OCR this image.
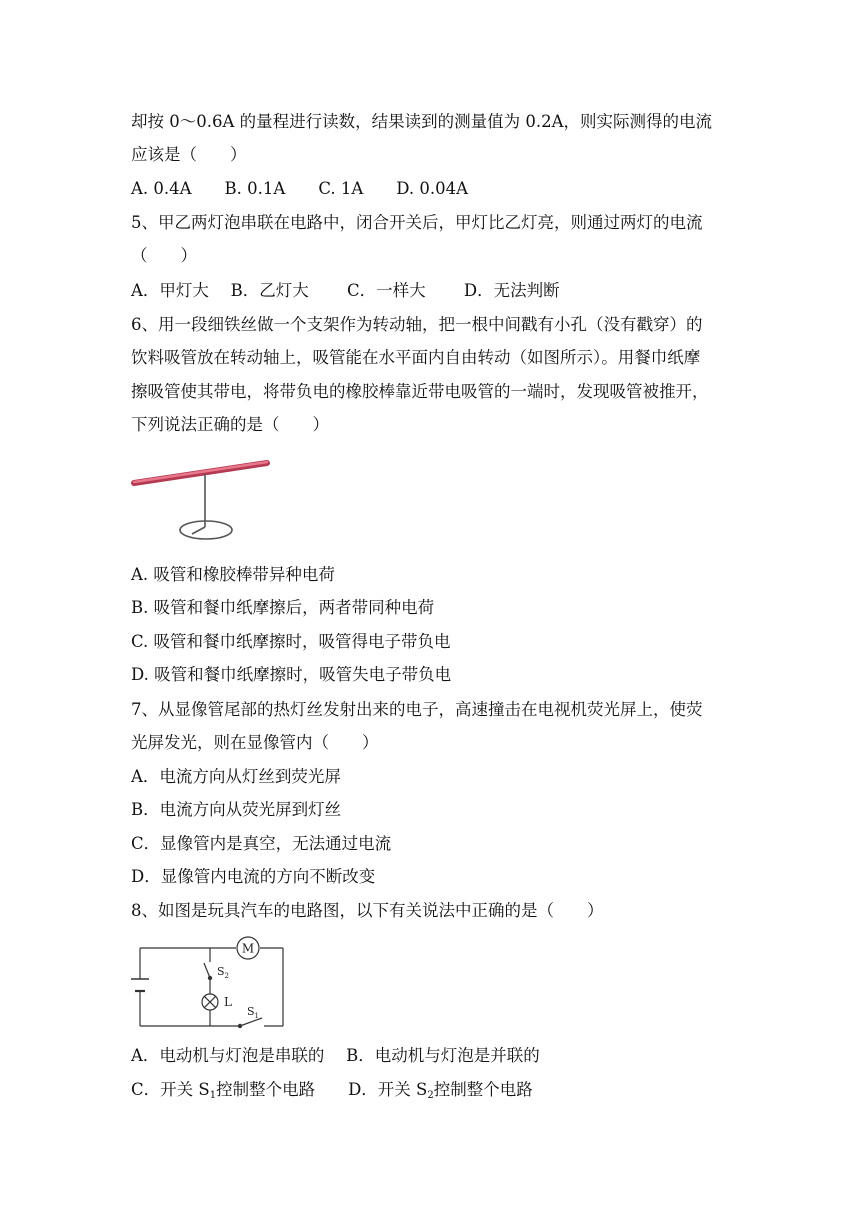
却按 0～0.6A 的量程进行读数，结果读到的测量值为 0.2A，则实际测得的电流
应该是（　　）
A. 0.4A　　B. 0.1A　　C. 1A　　D. 0.04A
5、甲乙两灯泡串联在电路中，闭合开关后，甲灯比乙灯亮，则通过两灯的电流
（　　）
A．甲灯大　 B．乙灯大　　 C．一样大　　 D．无法判断
6、用一段细铁丝做一个支架作为转动轴，把一根中间戳有小孔（没有戳穿）的
饮料吸管放在转动轴上，吸管能在水平面内自由转动（如图所示）。用餐巾纸摩
擦吸管使其带电，将带负电的橡胶棒靠近带电吸管的一端时，发现吸管被推开，
下列说法正确的是（　　）
A. 吸管和橡胶棒带异种电荷
B. 吸管和餐巾纸摩擦后，两者带同种电荷
C. 吸管和餐巾纸摩擦时，吸管得电子带负电
D. 吸管和餐巾纸摩擦时，吸管失电子带负电
7、从显像管尾部的热灯丝发射出来的电子，高速撞击在电视机荧光屏上，使荧
光屏发光，则在显像管内（　　）
A．电流方向从灯丝到荧光屏
B．电流方向从荧光屏到灯丝
C．显像管内是真空，无法通过电流
D．显像管内电流的方向不断改变
8、如图是玩具汽车的电路图，以下有关说法中正确的是（　　）
M
$S_2$
L
$S_1$
A．电动机与灯泡是串联的　 B．电动机与灯泡是并联的
C．开关 $S_1$控制整个电路　　D．开关 $S_2$控制整个电路
